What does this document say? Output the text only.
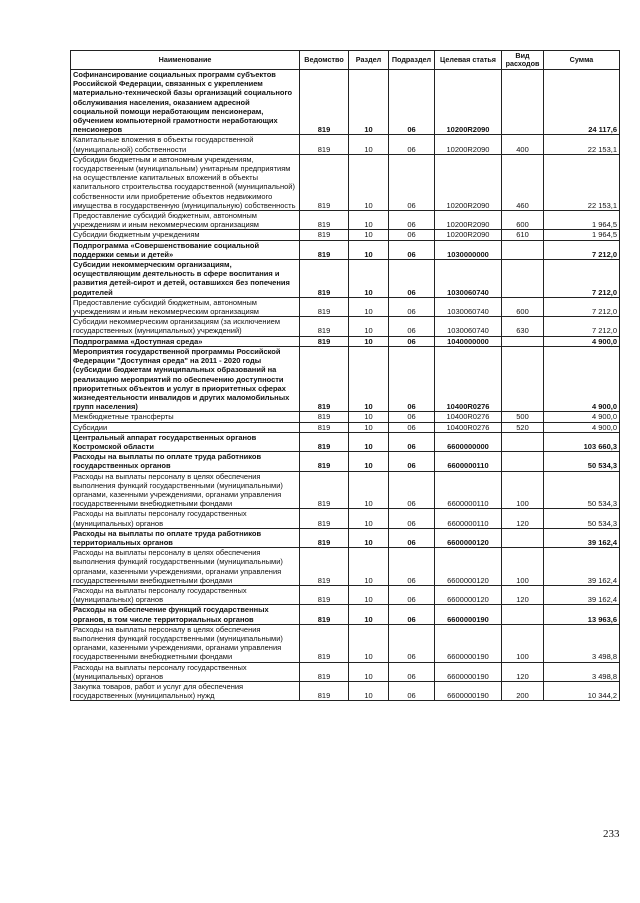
Наименование	Ведомство	Раздел	Подраздел	Целевая статья	Вид расходов	Сумма
Софинансирование социальных программ субъектов Российской Федерации, связанных с укреплением материально-технической базы организаций социального обслуживания населения, оказанием адресной социальной помощи неработающим пенсионерам, обучением компьютерной грамотности неработающих пенсионеров	819	10	06	10200R2090		24 117,6
Капитальные вложения в объекты государственной (муниципальной) собственности	819	10	06	10200R2090	400	22 153,1
Субсидии бюджетным и автономным учреждениям, государственным (муниципальным) унитарным предприятиям на осуществление капитальных вложений в объекты капитального строительства государственной (муниципальной) собственности или приобретение объектов недвижимого имущества в государственную (муниципальную) собственность	819	10	06	10200R2090	460	22 153,1
Предоставление субсидий бюджетным, автономным учреждениям и иным некоммерческим организациям	819	10	06	10200R2090	600	1 964,5
Субсидии бюджетным учреждениям	819	10	06	10200R2090	610	1 964,5
Подпрограмма «Совершенствование социальной поддержки семьи и детей»	819	10	06	1030000000		7 212,0
Субсидии некоммерческим организациям, осуществляющим деятельность в сфере воспитания и развития детей-сирот и детей, оставшихся без попечения родителей	819	10	06	1030060740		7 212,0
Предоставление субсидий бюджетным, автономным учреждениям и иным некоммерческим организациям	819	10	06	1030060740	600	7 212,0
Субсидии некоммерческим организациям (за исключением государственных (муниципальных) учреждений)	819	10	06	1030060740	630	7 212,0
Подпрограмма «Доступная среда»	819	10	06	1040000000		4 900,0
Мероприятия государственной программы Российской Федерации "Доступная среда" на 2011 - 2020 годы (субсидии бюджетам муниципальных образований на реализацию мероприятий по обеспечению доступности приоритетных объектов и услуг в приоритетных сферах жизнедеятельности инвалидов и других маломобильных групп населения)	819	10	06	10400R0276		4 900,0
Межбюджетные трансферты	819	10	06	10400R0276	500	4 900,0
Субсидии	819	10	06	10400R0276	520	4 900,0
Центральный аппарат государственных органов Костромской области	819	10	06	6600000000		103 660,3
Расходы на выплаты по оплате труда работников государственных органов	819	10	06	6600000110		50 534,3
Расходы на выплаты персоналу в целях обеспечения выполнения функций государственными (муниципальными) органами, казенными учреждениями, органами управления государственными внебюджетными фондами	819	10	06	6600000110	100	50 534,3
Расходы на выплаты персоналу государственных (муниципальных) органов	819	10	06	6600000110	120	50 534,3
Расходы на выплаты по оплате труда работников территориальных органов	819	10	06	6600000120		39 162,4
Расходы на выплаты персоналу в целях обеспечения выполнения функций государственными (муниципальными) органами, казенными учреждениями, органами управления государственными внебюджетными фондами	819	10	06	6600000120	100	39 162,4
Расходы на выплаты персоналу государственных (муниципальных) органов	819	10	06	6600000120	120	39 162,4
Расходы на обеспечение функций государственных органов, в том числе территориальных органов	819	10	06	6600000190		13 963,6
Расходы на выплаты персоналу в целях обеспечения выполнения функций государственными (муниципальными) органами, казенными учреждениями, органами управления государственными внебюджетными фондами	819	10	06	6600000190	100	3 498,8
Расходы на выплаты персоналу государственных (муниципальных) органов	819	10	06	6600000190	120	3 498,8
Закупка товаров, работ и услуг для обеспечения государственных (муниципальных) нужд	819	10	06	6600000190	200	10 344,2
233
